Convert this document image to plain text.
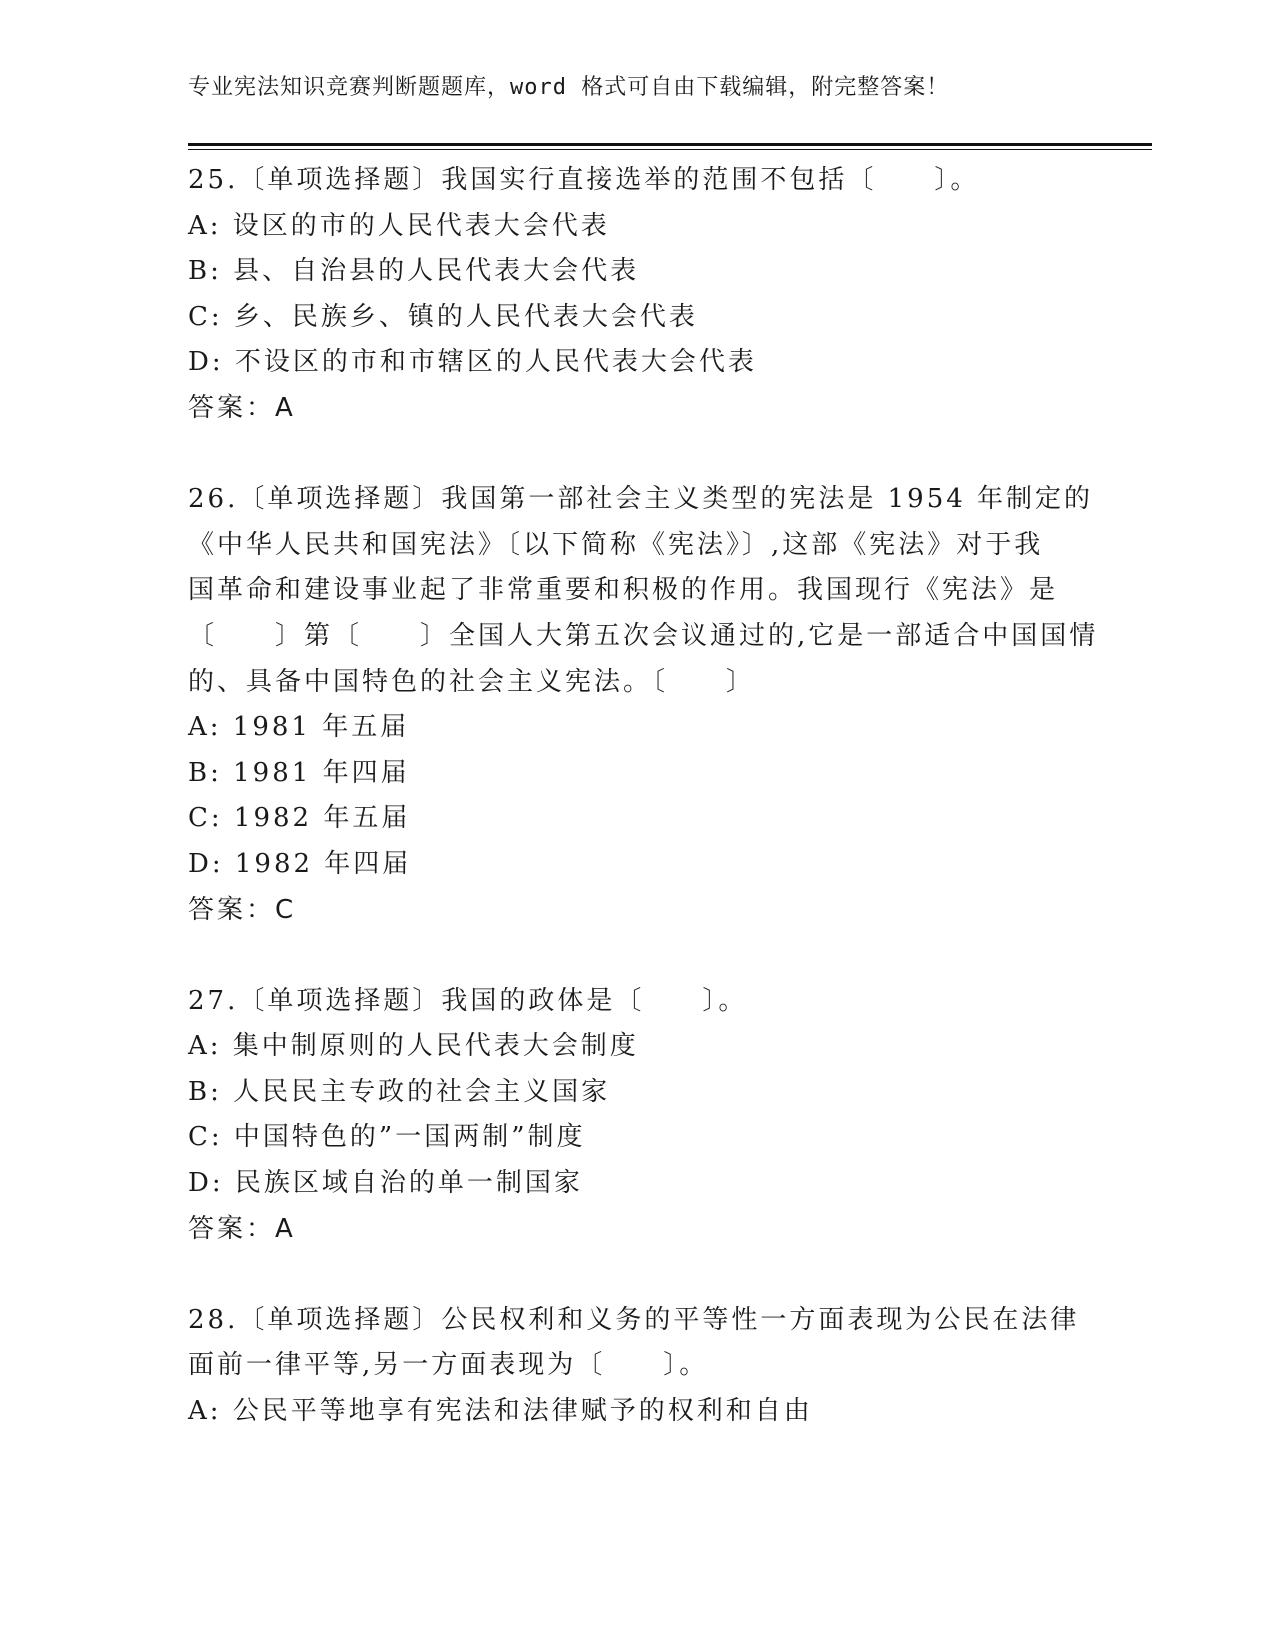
专业宪法知识竞赛判断题题库，word 格式可自由下载编辑，附完整答案！
25.〔单项选择题〕我国实行直接选举的范围不包括〔　　〕。
A: 设区的市的人民代表大会代表
B: 县、自治县的人民代表大会代表
C: 乡、民族乡、镇的人民代表大会代表
D: 不设区的市和市辖区的人民代表大会代表
答案：A
26.〔单项选择题〕我国第一部社会主义类型的宪法是 1954 年制定的
《中华人民共和国宪法》〔以下简称《宪法》〕,这部《宪法》对于我
国革命和建设事业起了非常重要和积极的作用。我国现行《宪法》是
〔　　〕第〔　　〕全国人大第五次会议通过的,它是一部适合中国国情
的、具备中国特色的社会主义宪法。〔　　〕
A: 1981 年五届
B: 1981 年四届
C: 1982 年五届
D: 1982 年四届
答案：C
27.〔单项选择题〕我国的政体是〔　　〕。
A: 集中制原则的人民代表大会制度
B: 人民民主专政的社会主义国家
C: 中国特色的”一国两制”制度
D: 民族区域自治的单一制国家
答案：A
28.〔单项选择题〕公民权利和义务的平等性一方面表现为公民在法律
面前一律平等,另一方面表现为〔　　〕。
A: 公民平等地享有宪法和法律赋予的权利和自由
